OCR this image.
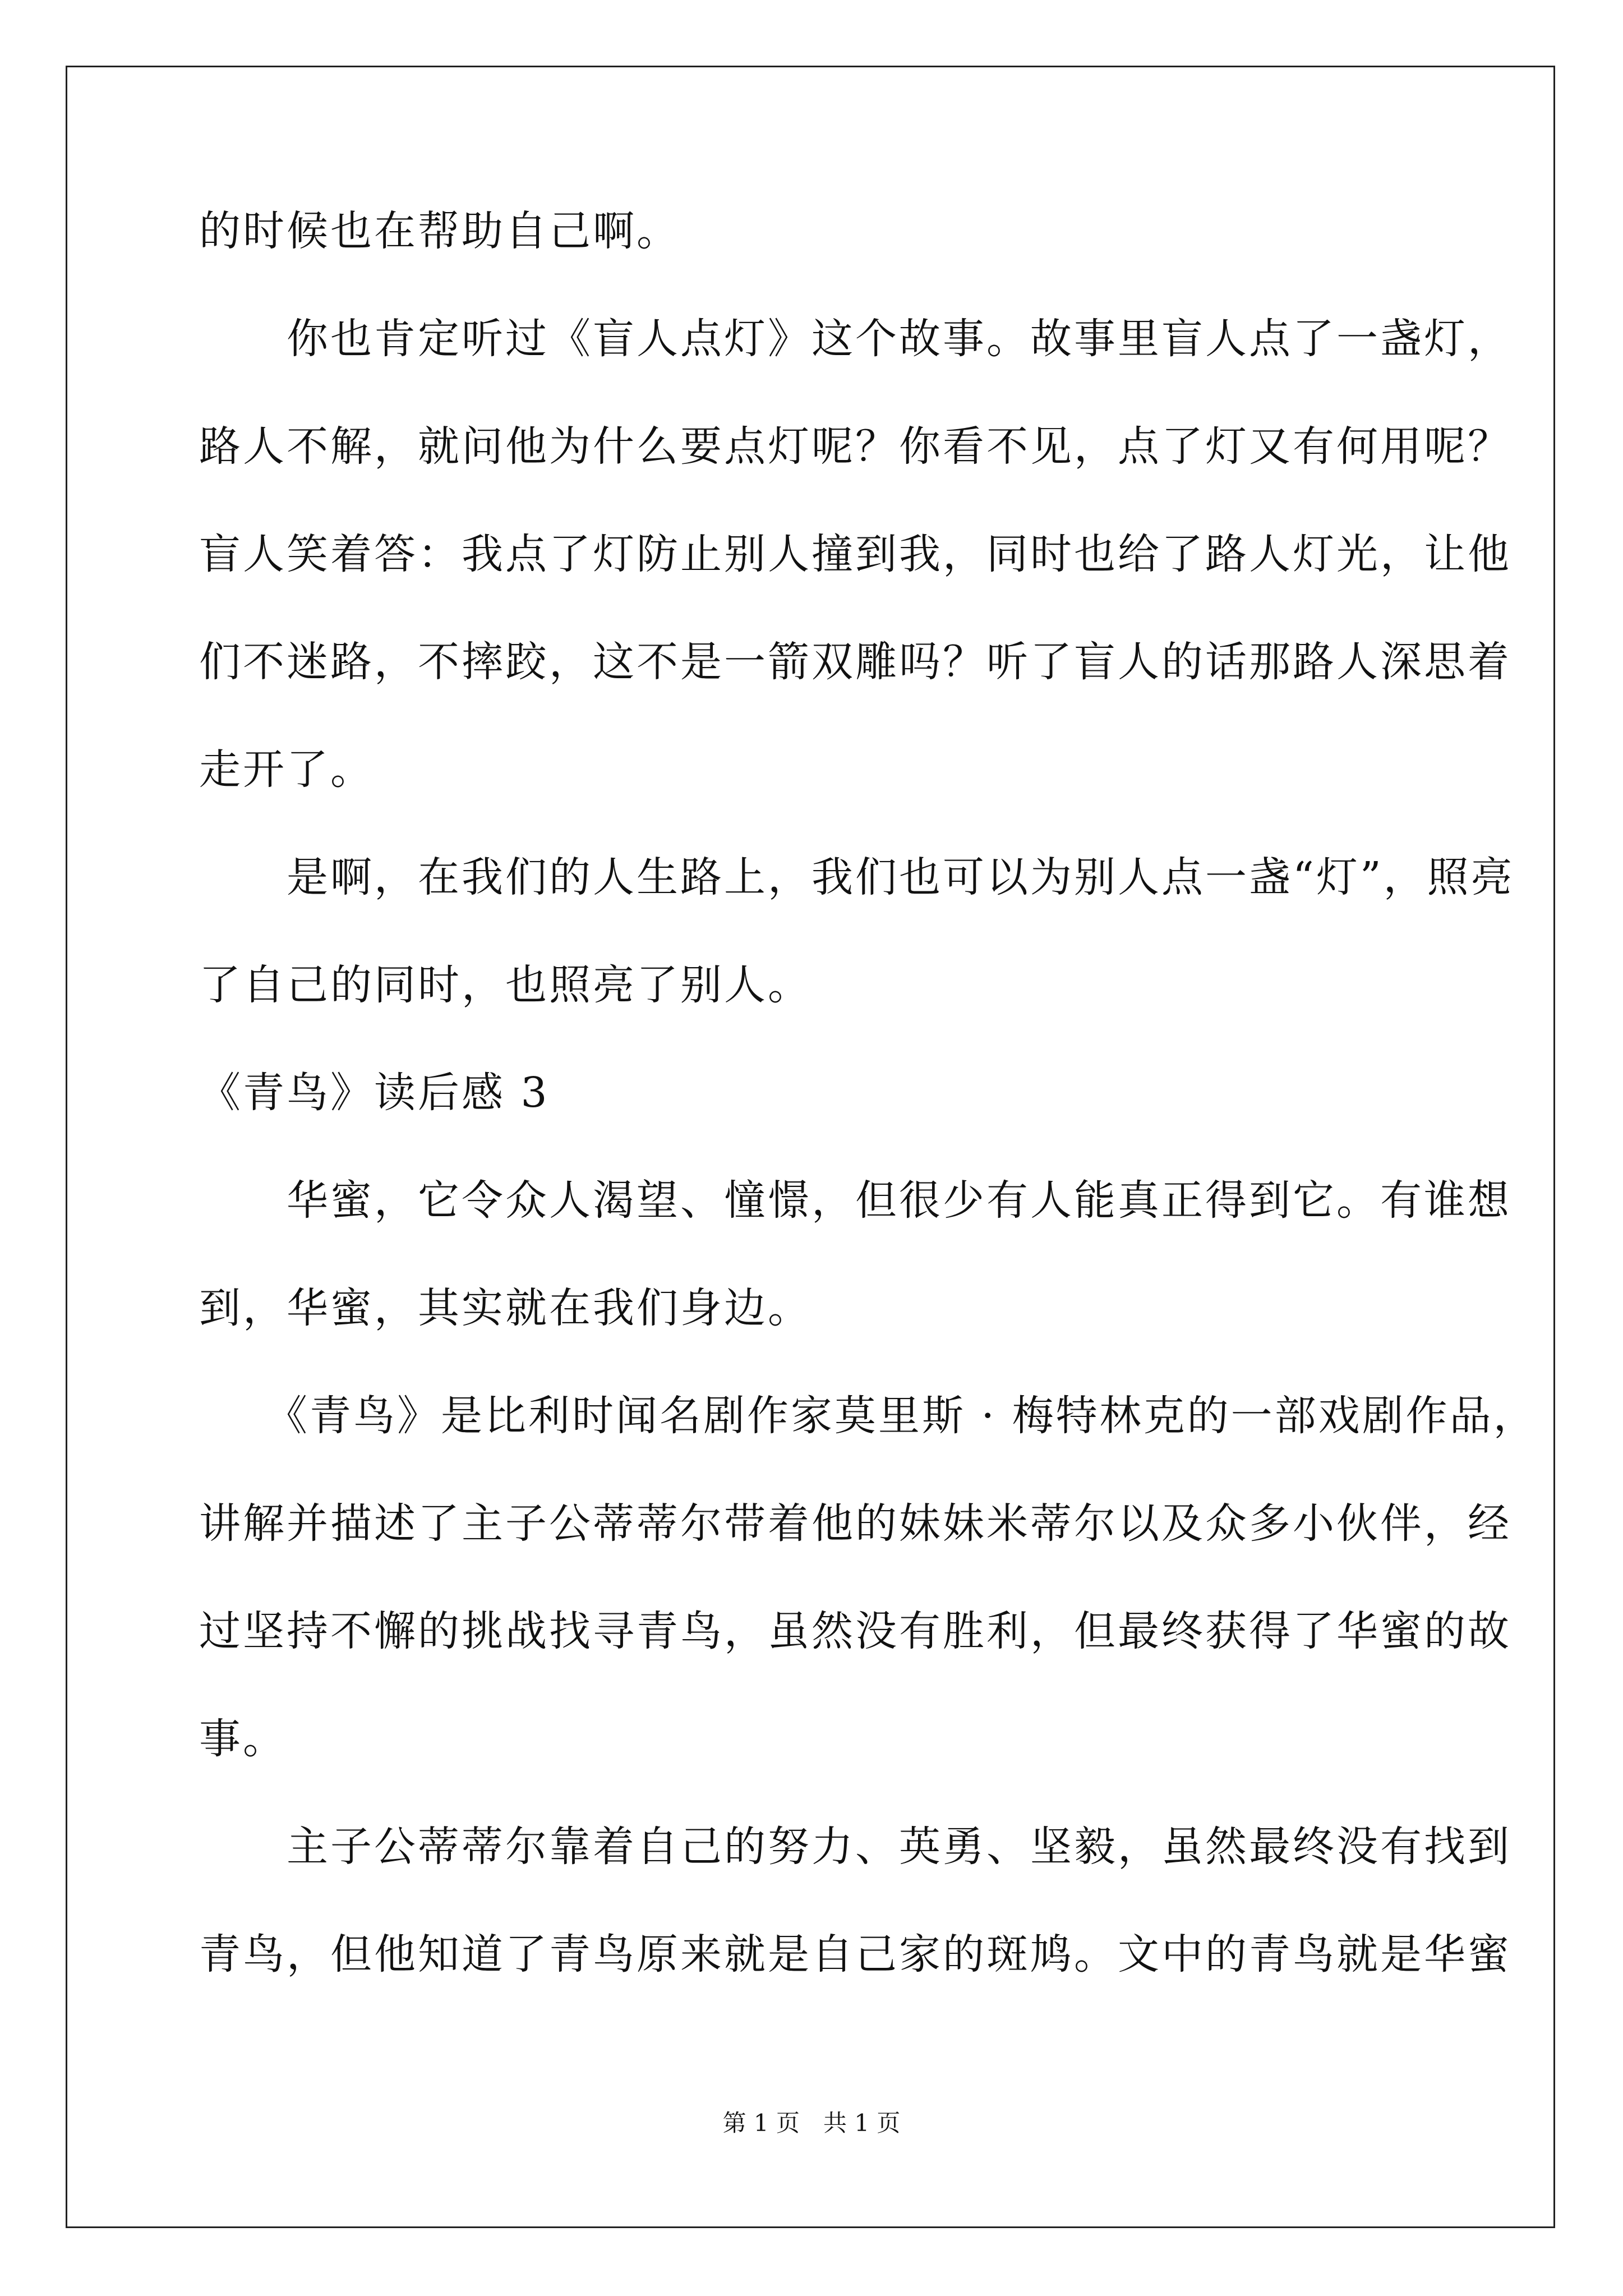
的时候也在帮助自己啊。
　　你也肯定听过《盲人点灯》这个故事。故事里盲人点了一盏灯，
路人不解，就问他为什么要点灯呢？你看不见，点了灯又有何用呢？
盲人笑着答：我点了灯防止别人撞到我，同时也给了路人灯光，让他
们不迷路，不摔跤，这不是一箭双雕吗？听了盲人的话那路人深思着
走开了。
　　是啊，在我们的人生路上，我们也可以为别人点一盏“灯”，照亮
了自己的同时，也照亮了别人。
《青鸟》读后感 3
　　华蜜，它令众人渴望、憧憬，但很少有人能真正得到它。有谁想
到，华蜜，其实就在我们身边。
　　《青鸟》是比利时闻名剧作家莫里斯 · 梅特林克的一部戏剧作品，
讲解并描述了主子公蒂蒂尔带着他的妹妹米蒂尔以及众多小伙伴，经
过坚持不懈的挑战找寻青鸟，虽然没有胜利，但最终获得了华蜜的故
事。
　　主子公蒂蒂尔靠着自己的努力、英勇、坚毅，虽然最终没有找到
青鸟，但他知道了青鸟原来就是自己家的斑鸠。文中的青鸟就是华蜜
第 1 页　共 1 页
